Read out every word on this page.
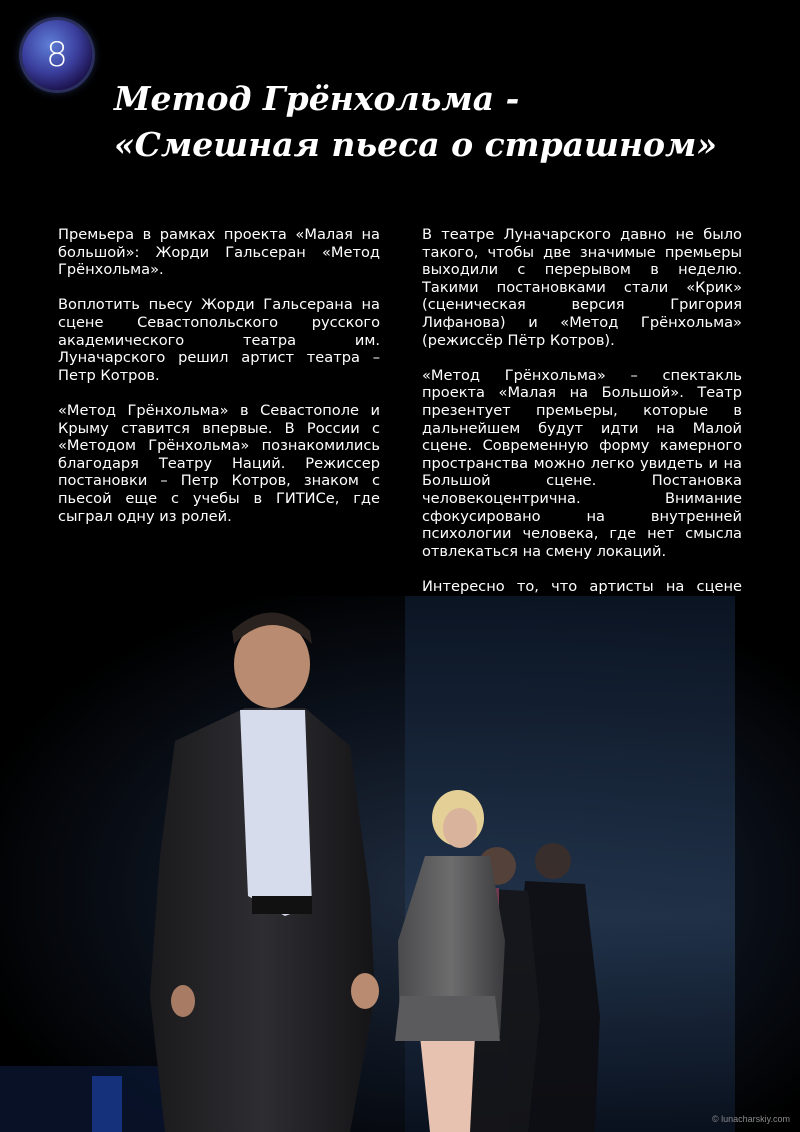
8
Метод Грёнхольма -
«Смешная пьеса о страшном»

Премьера в рамках проекта «Малая на большой»: Жорди Гальсеран «Метод Грёнхольма».

Воплотить пьесу Жорди Гальсерана на сцене Севастопольского русского академического театра им. Луначарского решил артист театра – Петр Котров.

«Метод Грёнхольма» в Севастополе и Крыму ставится впервые. В России с «Методом Грёнхольма» познакомились благодаря Театру Наций. Режиссер постановки – Петр Котров, знаком с пьесой еще с учебы в ГИТИСе, где сыграл одну из ролей.

В театре Луначарского давно не было такого, чтобы две значимые премьеры выходили с перерывом в неделю. Такими постановками стали «Крик» (сценическая версия Григория Лифанова) и «Метод Грёнхольма» (режиссёр Пётр Котров).

«Метод Грёнхольма» – спектакль проекта «Малая на Большой». Театр презентует премьеры, которые в дальнейшем будут идти на Малой сцене. Современную форму камерного пространства можно легко увидеть и на Большой сцене. Постановка человекоцентрична. Внимание сфокусировано на внутренней психологии человека, где нет смысла отвлекаться на смену локаций.

Интересно то, что артисты на сцене

© lunacharskiy.com
